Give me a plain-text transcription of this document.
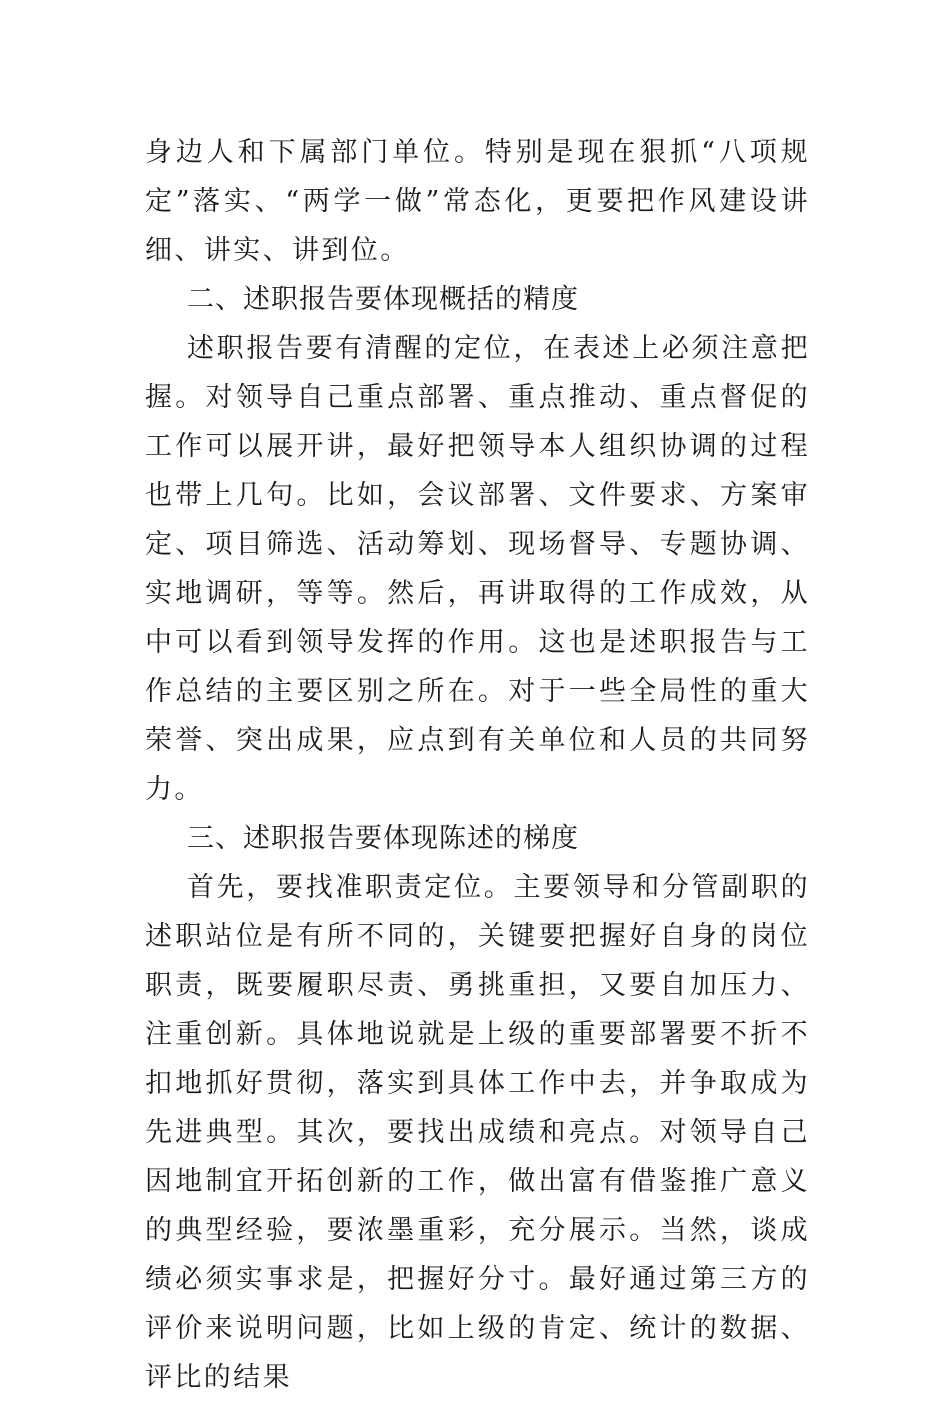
身边人和下属部门单位。特别是现在狠抓“八项规定”落实、“两学一做”常态化，更要把作风建设讲细、讲实、讲到位。

二、述职报告要体现概括的精度

述职报告要有清醒的定位，在表述上必须注意把握。对领导自己重点部署、重点推动、重点督促的工作可以展开讲，最好把领导本人组织协调的过程也带上几句。比如，会议部署、文件要求、方案审定、项目筛选、活动筹划、现场督导、专题协调、实地调研，等等。然后，再讲取得的工作成效，从中可以看到领导发挥的作用。这也是述职报告与工作总结的主要区别之所在。对于一些全局性的重大荣誉、突出成果，应点到有关单位和人员的共同努力。

三、述职报告要体现陈述的梯度

首先，要找准职责定位。主要领导和分管副职的述职站位是有所不同的，关键要把握好自身的岗位职责，既要履职尽责、勇挑重担，又要自加压力、注重创新。具体地说就是上级的重要部署要不折不扣地抓好贯彻，落实到具体工作中去，并争取成为先进典型。其次，要找出成绩和亮点。对领导自己因地制宜开拓创新的工作，做出富有借鉴推广意义的典型经验，要浓墨重彩，充分展示。当然，谈成绩必须实事求是，把握好分寸。最好通过第三方的评价来说明问题，比如上级的肯定、统计的数据、评比的结果
